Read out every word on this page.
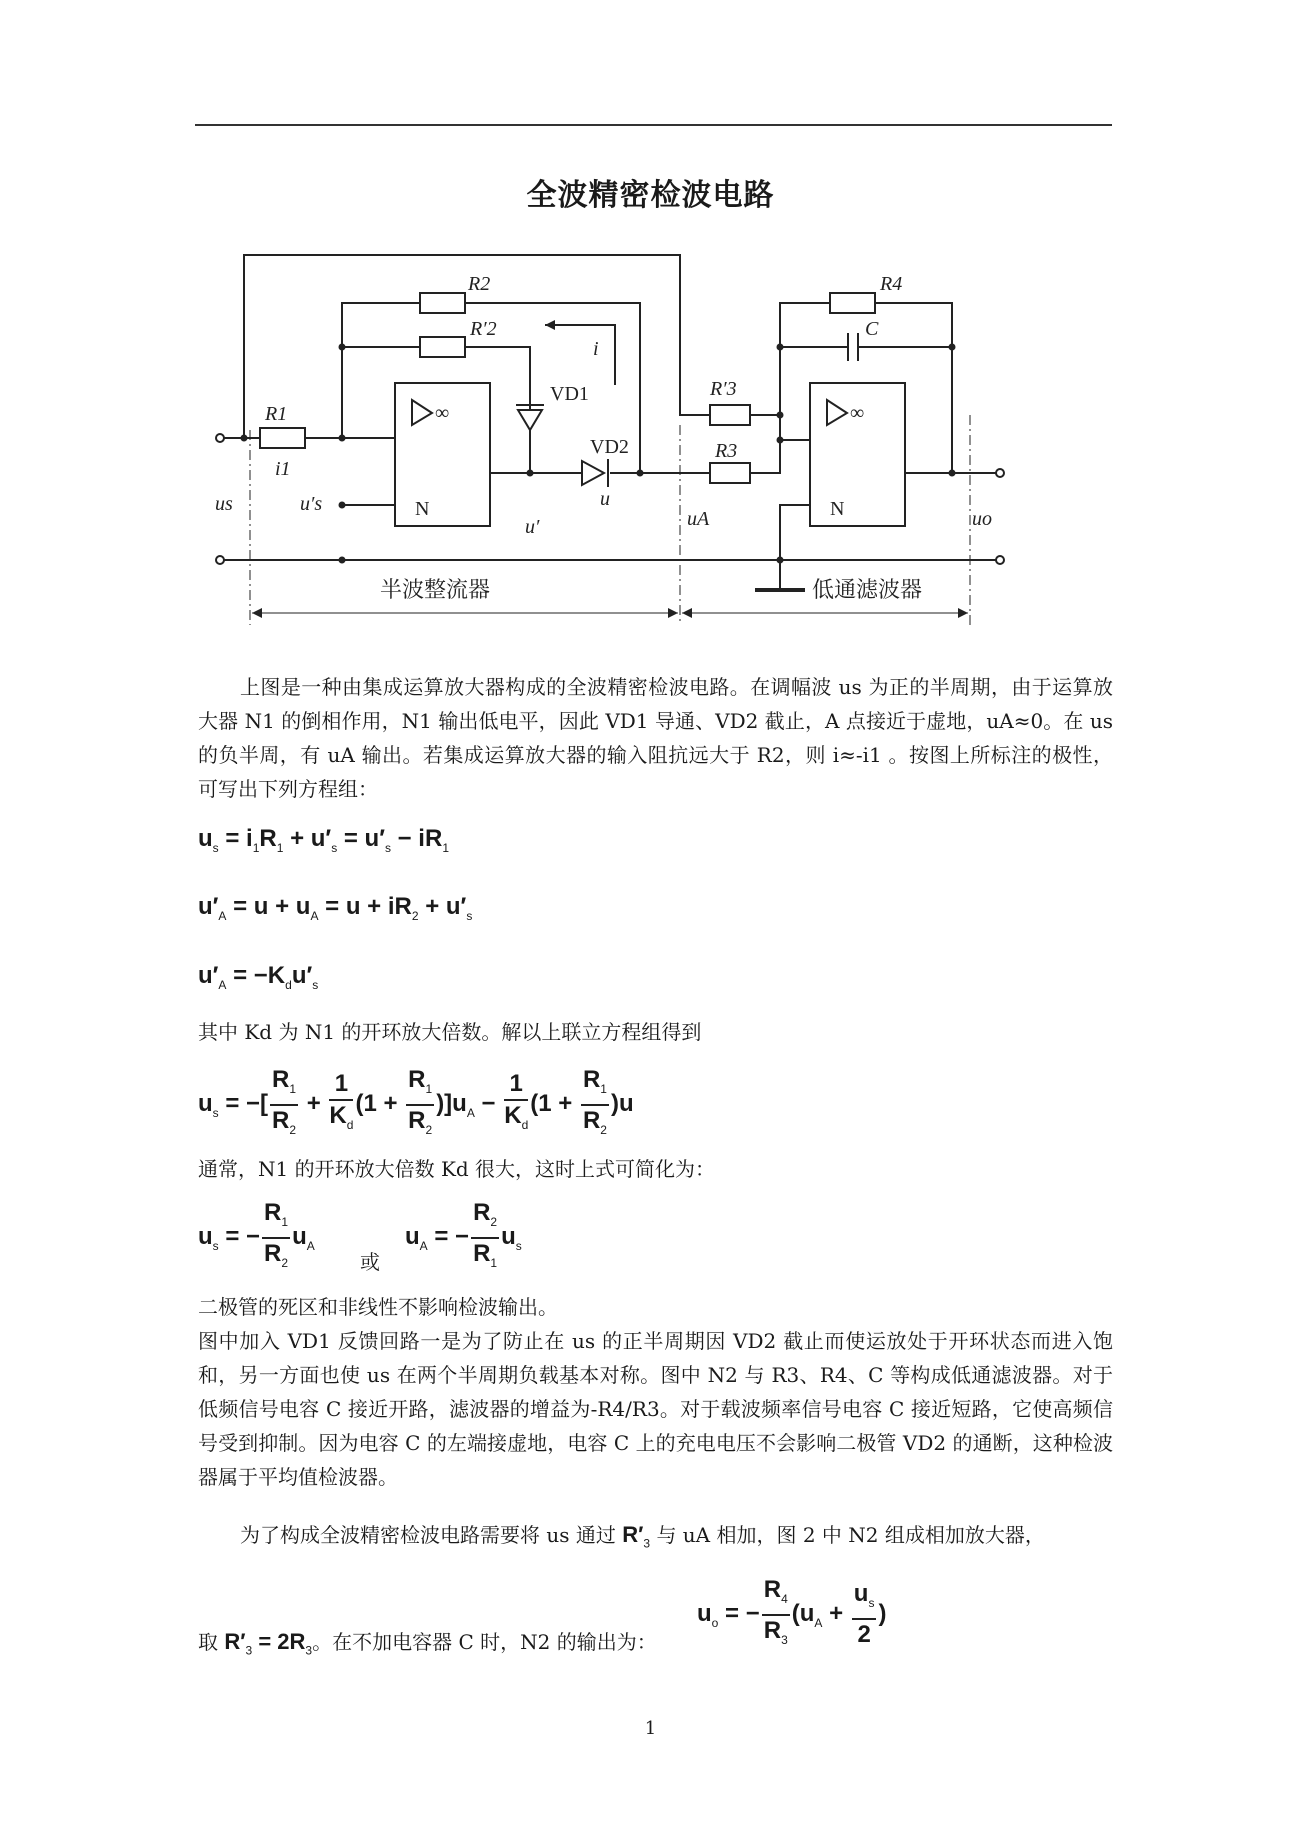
全波精密检波电路
R2
R′2
R1
R′3
R3
R4
C
VD1
VD2
i
i1
us	u′s
u′
u
uA	uo
N	N
∞	∞
半波整流器	低通滤波器
上图是一种由集成运算放大器构成的全波精密检波电路。在调幅波 us 为正的半周期，由于运算放大器 N1 的倒相作用，N1 输出低电平，因此 VD1 导通、VD2 截止，A 点接近于虚地，uA≈0。在 us 的负半周，有 uA 输出。若集成运算放大器的输入阻抗远大于 R2，则 i≈-i1 。按图上所标注的极性，可写出下列方程组：
$u_s = i_1R_1 + u'_s = u'_s - iR_1$
$u'_A = u + u_A = u + iR_2 + u'_s$
$u'_A = -K_du'_s$
其中 Kd 为 N1 的开环放大倍数。解以上联立方程组得到
$u_s$ = −[ $\frac{R_1}{R_2} + \frac{1}{K_d} (1 + \frac{R_1}{R_2} )]u_A - \frac{1}{K_d} (1 + \frac{R_1}{R_2} )u$
通常，N1 的开环放大倍数 Kd 很大，这时上式可简化为：
$u_s$ = − $\frac{R_1}{R_2} u_A$
或
$u_A$ = − $\frac{R_2}{R_1} u_s$
二极管的死区和非线性不影响检波输出。
图中加入 VD1 反馈回路一是为了防止在 us 的正半周期因 VD2 截止而使运放处于开环状态而进入饱和，另一方面也使 us 在两个半周期负载基本对称。图中 N2 与 R3、R4、C 等构成低通滤波器。对于低频信号电容 C 接近开路，滤波器的增益为-R4/R3。对于载波频率信号电容 C 接近短路，它使高频信号受到抑制。因为电容 C 的左端接虚地，电容 C 上的充电电压不会影响二极管 VD2 的通断，这种检波器属于平均值检波器。
为了构成全波精密检波电路需要将 us 通过 $R'_3$ 与 uA 相加，图 2 中 N2 组成相加放大器，
$u_o$ = − $\frac{R_4}{R_3} (u_A + \frac{u_s}{2}$ )
取 $R'_3 = 2R_3$。在不加电容器 C 时，N2 的输出为：
1
